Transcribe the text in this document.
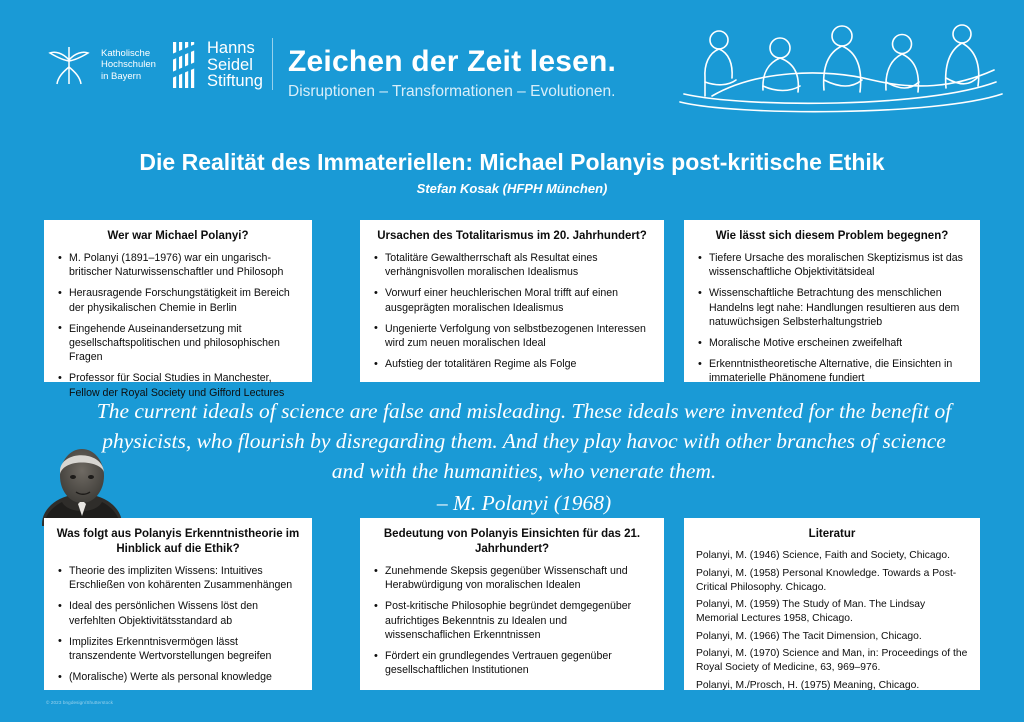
Katholische
Hochschulen
in Bayern
Hanns
Seidel
Stiftung
Zeichen der Zeit lesen.
Disruptionen – Transformationen – Evolutionen.
Die Realität des Immateriellen: Michael Polanyis post-kritische Ethik
Stefan Kosak (HFPH München)
Wer war Michael Polanyi?
• M. Polanyi (1891–1976) war ein ungarisch-britischer Naturwissenschaftler und Philosoph
• Herausragende Forschungstätigkeit im Bereich der physikalischen Chemie in Berlin
• Eingehende Auseinandersetzung mit gesellschaftspolitischen und philosophischen Fragen
• Professor für Social Studies in Manchester, Fellow der Royal Society und Gifford Lectures
Ursachen des Totalitarismus im 20. Jahrhundert?
• Totalitäre Gewaltherrschaft als Resultat eines verhängnisvollen moralischen Idealismus
• Vorwurf einer heuchlerischen Moral trifft auf einen ausgeprägten moralischen Idealismus
• Ungenierte Verfolgung von selbstbezogenen Interessen wird zum neuen moralischen Ideal
• Aufstieg der totalitären Regime als Folge
Wie lässt sich diesem Problem begegnen?
• Tiefere Ursache des moralischen Skeptizismus ist das wissenschaftliche Objektivitätsideal
• Wissenschaftliche Betrachtung des menschlichen Handelns legt nahe: Handlungen resultieren aus dem natuwüchsigen Selbsterhaltungstrieb
• Moralische Motive erscheinen zweifelhaft
• Erkenntnistheoretische Alternative, die Einsichten in immaterielle Phänomene fundiert
The current ideals of science are false and misleading. These ideals were invented for the benefit of physicists, who flourish by disregarding them. And they play havoc with other branches of science and with the humanities, who venerate them.
– M. Polanyi (1968)
Was folgt aus Polanyis Erkenntnistheorie im Hinblick auf die Ethik?
• Theorie des impliziten Wissens: Intuitives Erschließen von kohärenten Zusammenhängen
• Ideal des persönlichen Wissens löst den verfehlten Objektivitätsstandard ab
• Implizites Erkenntnisvermögen lässt transzendente Wertvorstellungen begreifen
• (Moralische) Werte als personal knowledge
Bedeutung von Polanyis Einsichten für das 21. Jahrhundert?
• Zunehmende Skepsis gegenüber Wissenschaft und Herabwürdigung von moralischen Idealen
• Post-kritische Philosophie begründet demgegenüber aufrichtiges Bekenntnis zu Idealen und wissenschaflichen Erkenntnissen
• Fördert ein grundlegendes Vertrauen gegenüber gesellschaftlichen Institutionen
Literatur
Polanyi, M. (1946) Science, Faith and Society, Chicago.
Polanyi, M. (1958) Personal Knowledge. Towards a Post-Critical Philosophy. Chicago.
Polanyi, M. (1959) The Study of Man. The Lindsay Memorial Lectures 1958, Chicago.
Polanyi, M. (1966) The Tacit Dimension, Chicago.
Polanyi, M. (1970) Science and Man, in: Proceedings of the Royal Society of Medicine, 63, 969–976.
Polanyi, M./Prosch, H. (1975) Meaning, Chicago.
© 2023 bngdesign/Shutterstock
